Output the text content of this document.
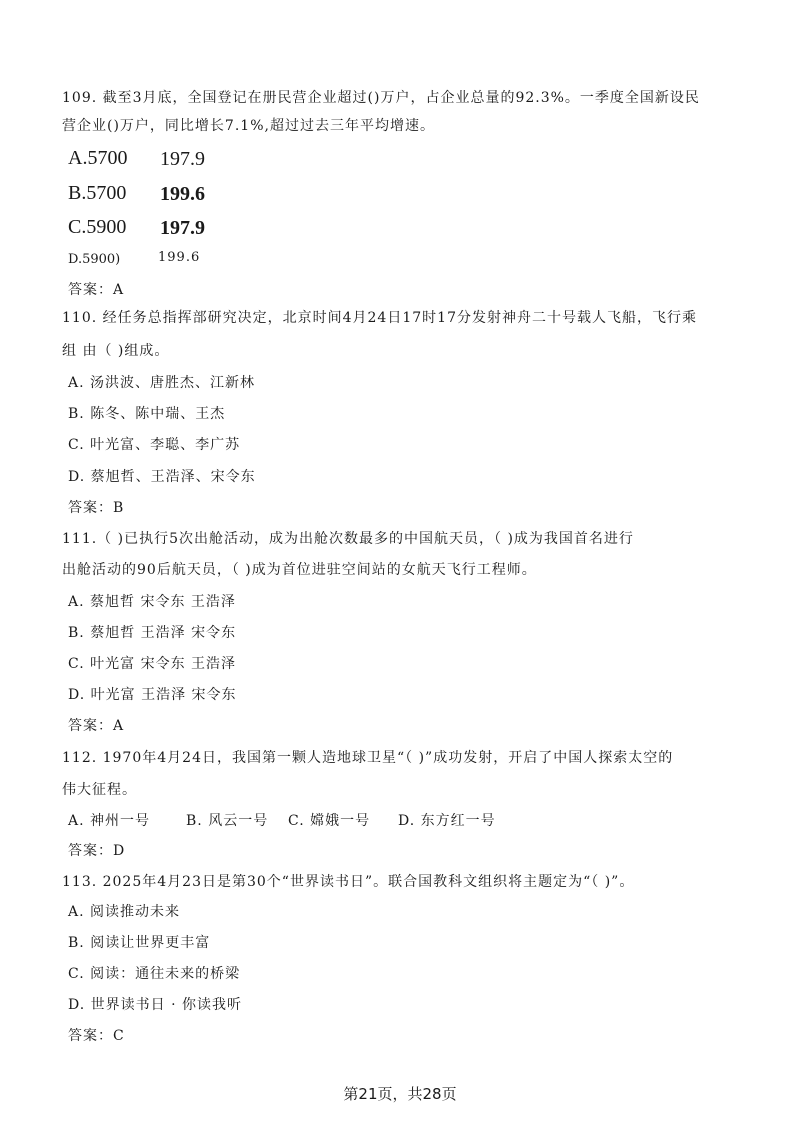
109. 截至3月底，全国登记在册民营企业超过()万户，占企业总量的92.3%。一季度全国新设民
营企业()万户，同比增长7.1%,超过过去三年平均增速。
A.5700 197.9
B.5700 199.6
C.5900 197.9
D.5900)	199.6
答案：A
110. 经任务总指挥部研究决定，北京时间4月24日17时17分发射神舟二十号载人飞船，飞行乘
组 由（ )组成。
A. 汤洪波、唐胜杰、江新林
B. 陈冬、陈中瑞、王杰
C. 叶光富、李聪、李广苏
D. 蔡旭哲、王浩泽、宋令东
答案：B
111.（ )已执行5次出舱活动，成为出舱次数最多的中国航天员，（ )成为我国首名进行
出舱活动的90后航天员，（ )成为首位进驻空间站的女航天飞行工程师。
A. 蔡旭哲 宋令东 王浩泽
B. 蔡旭哲 王浩泽 宋令东
C. 叶光富 宋令东 王浩泽
D. 叶光富 王浩泽 宋令东
答案：A
112. 1970年4月24日，我国第一颗人造地球卫星“（ )”成功发射，开启了中国人探索太空的
伟大征程。
A. 神州一号	B. 风云一号 C. 嫦娥一号 D. 东方红一号
答案：D
113. 2025年4月23日是第30个“世界读书日”。联合国教科文组织将主题定为“（ )”。
A. 阅读推动未来
B. 阅读让世界更丰富
C. 阅读：通往未来的桥梁
D. 世界读书日 · 你读我听
答案：C
第21页，共28页
